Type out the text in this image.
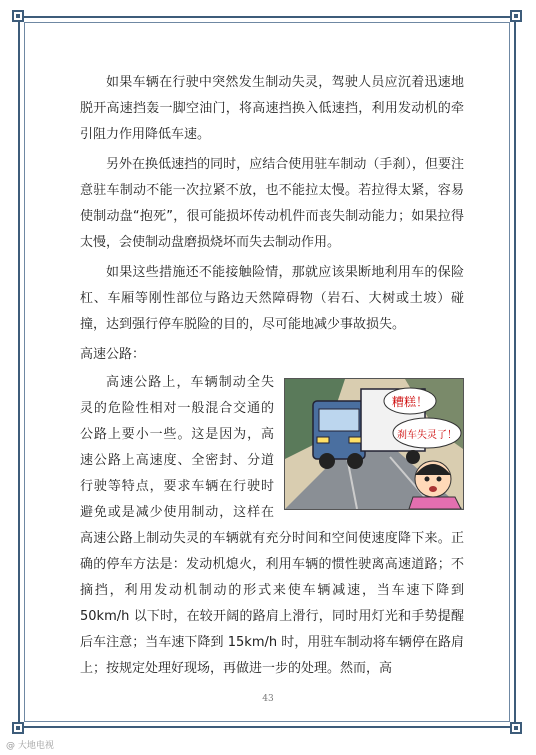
如果车辆在行驶中突然发生制动失灵，驾驶人员应沉着迅速地脱开高速挡轰一脚空油门，将高速挡换入低速挡，利用发动机的牵引阻力作用降低车速。

另外在换低速挡的同时，应结合使用驻车制动（手刹），但要注意驻车制动不能一次拉紧不放，也不能拉太慢。若拉得太紧，容易使制动盘“抱死”，很可能损坏传动机件而丧失制动能力；如果拉得太慢，会使制动盘磨损烧坏而失去制动作用。

如果这些措施还不能接触险情，那就应该果断地利用车的保险杠、车厢等刚性部位与路边天然障碍物（岩石、大树或土坡）碰撞，达到强行停车脱险的目的，尽可能地减少事故损失。

高速公路：

糟糕！
刹车失灵了！

高速公路上，车辆制动全失灵的危险性相对一般混合交通的公路上要小一些。这是因为，高速公路上高速度、全密封、分道行驶等特点，要求车辆在行驶时避免或是减少使用制动，这样在高速公路上制动失灵的车辆就有充分时间和空间使速度降下来。正确的停车方法是：发动机熄火，利用车辆的惯性驶离高速道路；不摘挡，利用发动机制动的形式来使车辆减速，当车速下降到 50km/h 以下时，在较开阔的路肩上滑行，同时用灯光和手势提醒后车注意；当车速下降到 15km/h 时，用驻车制动将车辆停在路肩上；按规定处理好现场，再做进一步的处理。然而，高

43
@ 大地电视
